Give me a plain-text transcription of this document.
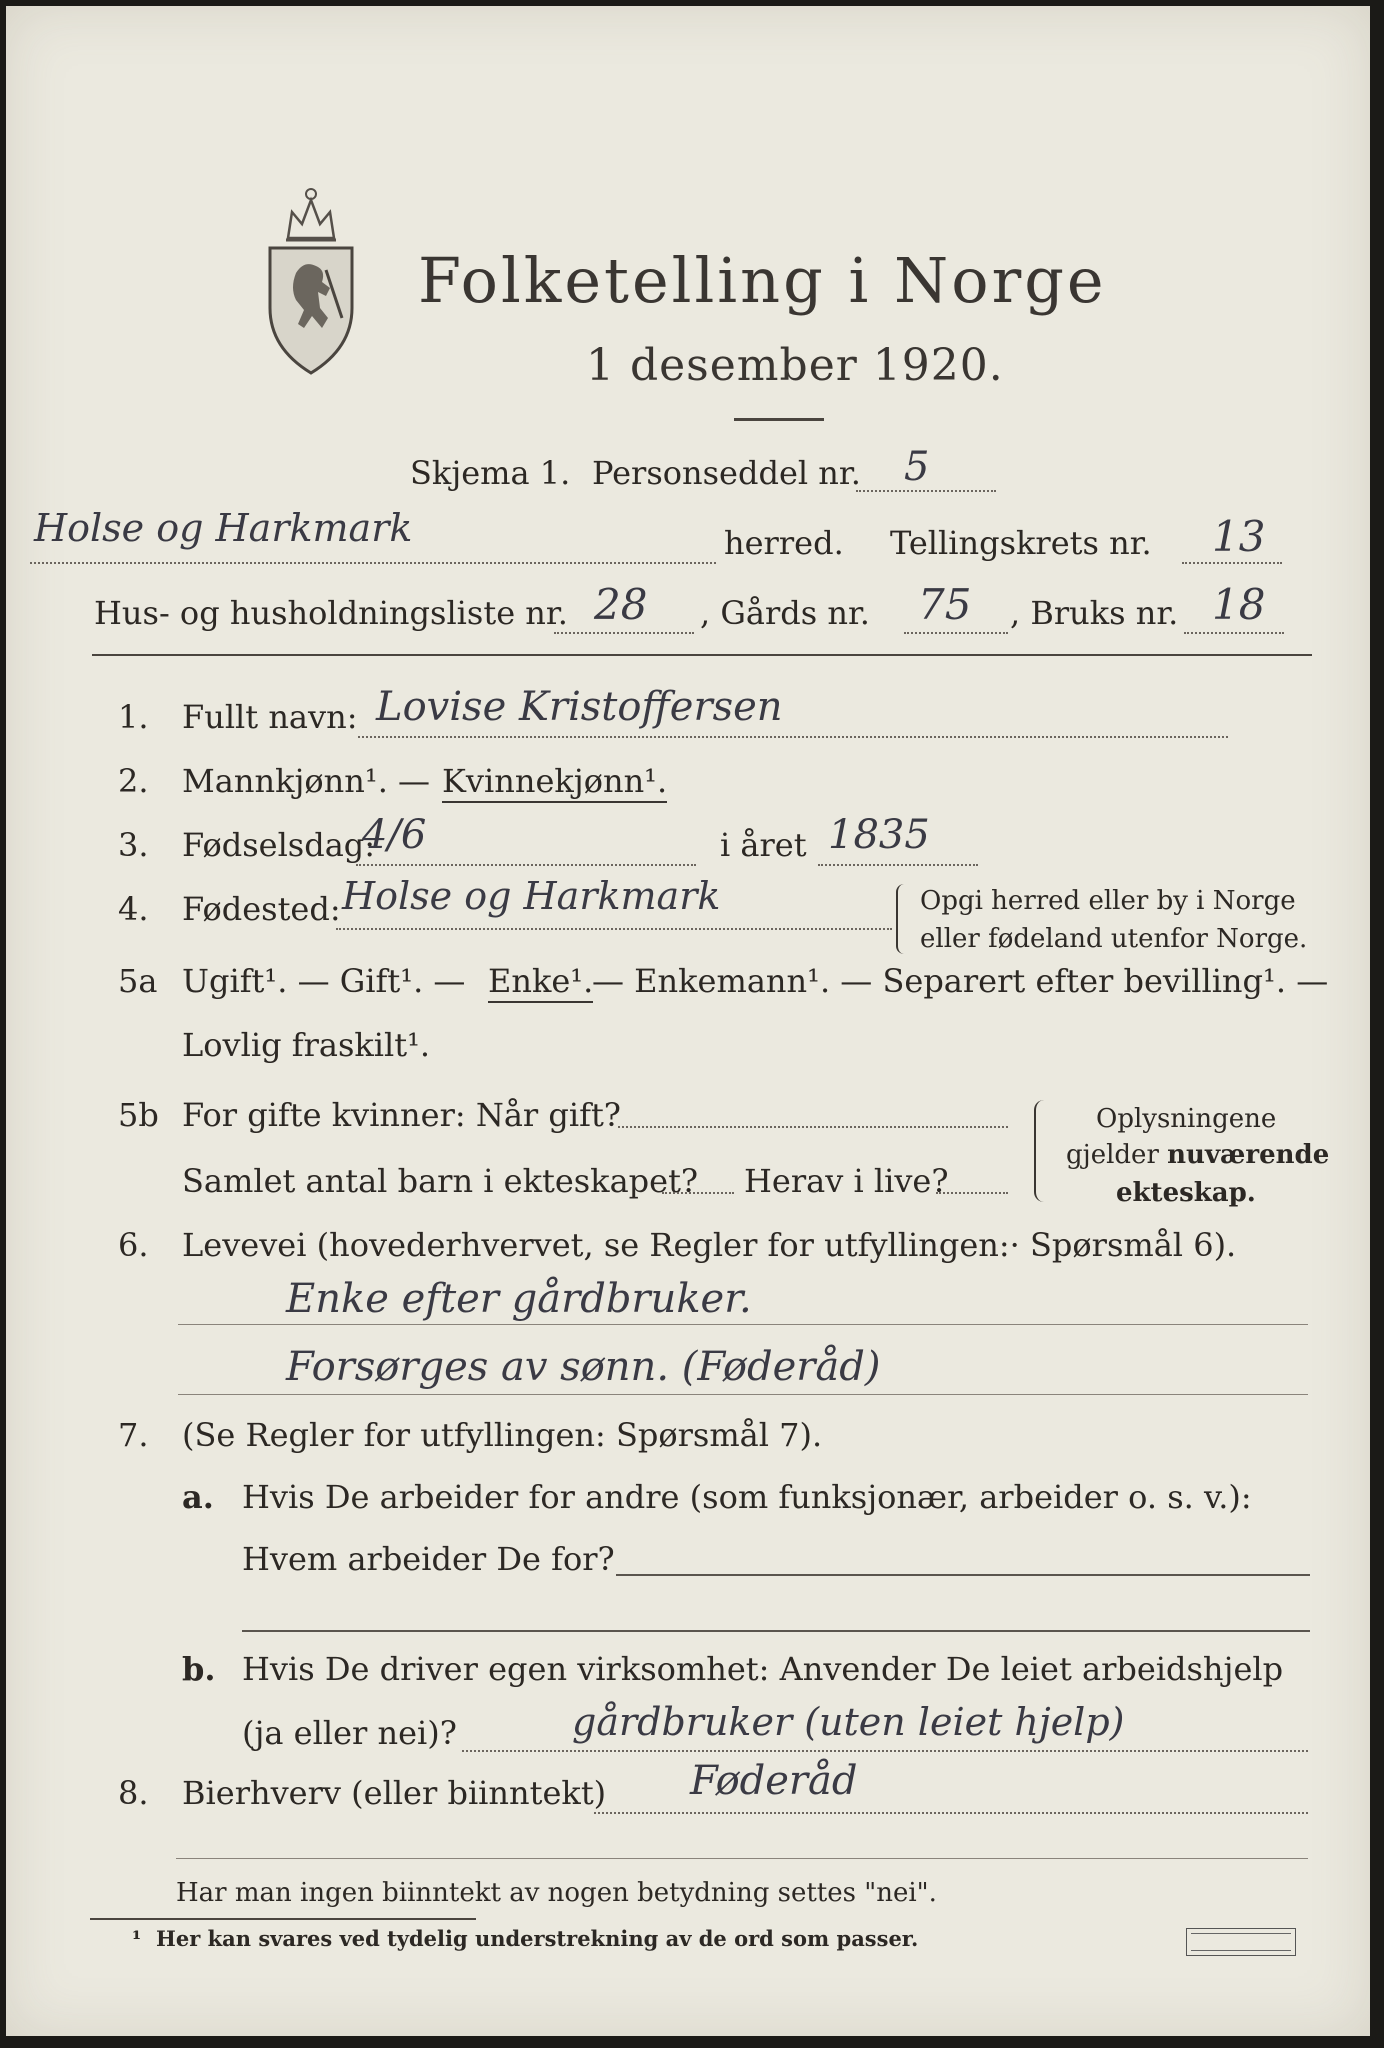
Folketelling i Norge
1 desember 1920.
Skjema 1. Personseddel nr. 5
Holse og Harkmark	herred. Tellingskrets nr. 13
Hus- og husholdningsliste nr. 28 , Gårds nr. 75 , Bruks nr. 18
1. Fullt navn: Lovise Kristoffersen
2. Mannkjønn¹. — Kvinnekjønn¹.
3. Fødselsdag:
4/6	i året 1835
4. Fødested: Holse og Harkmark	Opgi herred eller by i Norge
eller fødeland utenfor Norge.
5a Ugift¹. — Gift¹. — Enke¹.
— Enkemann¹. — Separert efter bevilling¹. —
Lovlig fraskilt¹.
5b For gifte kvinner: Når gift?
Samlet antal barn i ekteskapet? Herav i live?
Oplysningene
gjelder nuværende
ekteskap.
6. Levevei (hovederhvervet, se Regler for utfyllingen:· Spørsmål 6).
Enke efter gårdbruker.
Forsørges av sønn. (Føderåd)
7. (Se Regler for utfyllingen: Spørsmål 7).
a. Hvis De arbeider for andre (som funksjonær, arbeider o. s. v.):
Hvem arbeider De for?
b. Hvis De driver egen virksomhet: Anvender De leiet arbeidshjelp
(ja eller nei)?	gårdbruker (uten leiet hjelp)
8. Bierhverv (eller biinntekt) Føderåd
Har man ingen biinntekt av nogen betydning settes "nei".
¹ Her kan svares ved tydelig understrekning av de ord som passer.
